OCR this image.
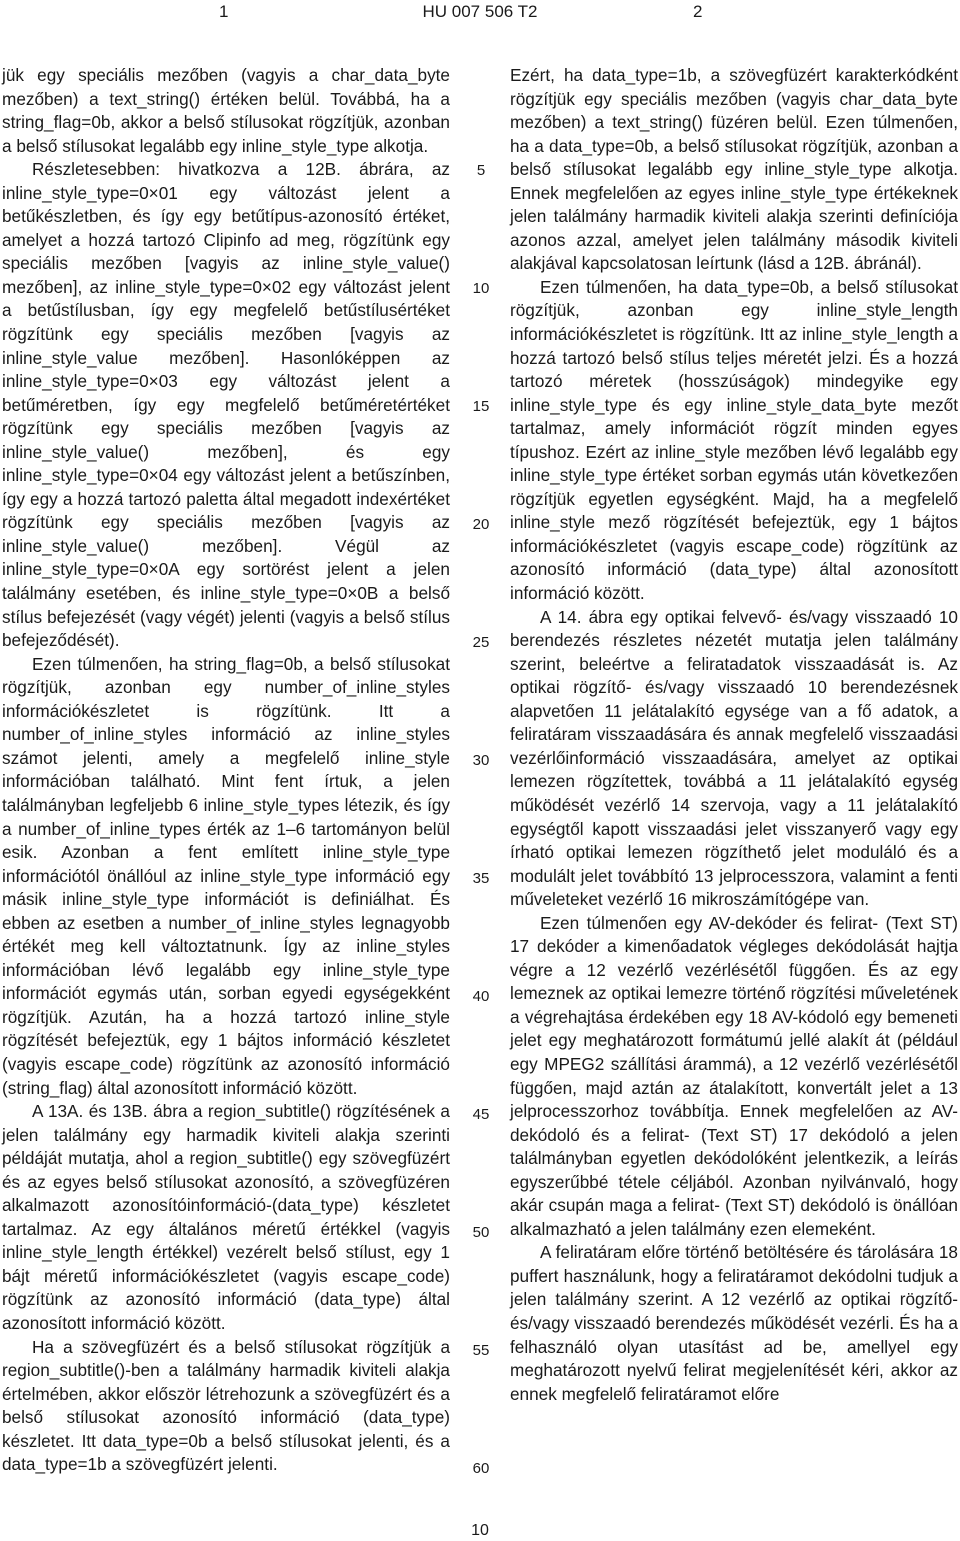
1	HU 007 506 T2	2

jük egy speciális mezőben (vagyis a char_data_byte mezőben) a text_string() értéken belül. Továbbá, ha a string_flag=0b, akkor a belső stílusokat rögzítjük, azonban a belső stílusokat legalább egy inline_style_type alkotja.

Részletesebben: hivatkozva a 12B. ábrára, az inline_style_type=0×01 egy változást jelent a betűkészletben, és így egy betűtípus-azonosító értéket, amelyet a hozzá tartozó Clipinfo ad meg, rögzítünk egy speciális mezőben [vagyis az inline_style_value() mezőben], az inline_style_type=0×02 egy változást jelent a betűstílusban, így egy megfelelő betűstílusértéket rögzítünk egy speciális mezőben [vagyis az inline_style_value mezőben]. Hasonlóképpen az inline_style_type=0×03 egy változást jelent a betűméretben, így egy megfelelő betűméretértéket rögzítünk egy speciális mezőben [vagyis az inline_style_value() mezőben], és egy inline_style_type=0×04 egy változást jelent a betűszínben, így egy a hozzá tartozó paletta által megadott indexértéket rögzítünk egy speciális mezőben [vagyis az inline_style_value() mezőben]. Végül az inline_style_type=0×0A egy sortörést jelent a jelen találmány esetében, és inline_style_type=0×0B a belső stílus befejezését (vagy végét) jelenti (vagyis a belső stílus befejeződését).

Ezen túlmenően, ha string_flag=0b, a belső stílusokat rögzítjük, azonban egy number_of_inline_styles információkészletet is rögzítünk. Itt a number_of_inline_styles információ az inline_styles számot jelenti, amely a megfelelő inline_style információban található. Mint fent írtuk, a jelen találmányban legfeljebb 6 inline_style_types létezik, és így a number_of_inline_types érték az 1–6 tartományon belül esik. Azonban a fent említett inline_style_type információtól önállóul az inline_style_type információ egy másik inline_style_type információt is definiálhat. És ebben az esetben a number_of_inline_styles legnagyobb értékét meg kell változtatnunk. Így az inline_styles információban lévő legalább egy inline_style_type információt egymás után, sorban egyedi egységekként rögzítjük. Azután, ha a hozzá tartozó inline_style rögzítését befejeztük, egy 1 bájtos információ készletet (vagyis escape_code) rögzítünk az azonosító információ (string_flag) által azonosított információ között.

A 13A. és 13B. ábra a region_subtitle() rögzítésének a jelen találmány egy harmadik kiviteli alakja szerinti példáját mutatja, ahol a region_subtitle() egy szövegfüzért és az egyes belső stílusokat azonosító, a szövegfüzéren alkalmazott azonosítóinformáció-(data_type) készletet tartalmaz. Az egy általános méretű értékkel (vagyis inline_style_length értékkel) vezérelt belső stílust, egy 1 bájt méretű információkészletet (vagyis escape_code) rögzítünk az azonosító információ (data_type) által azonosított információ között.

Ha a szövegfüzért és a belső stílusokat rögzítjük a region_subtitle()-ben a találmány harmadik kiviteli alakja értelmében, akkor először létrehozunk a szövegfüzért és a belső stílusokat azonosító információ (data_type) készletet. Itt data_type=0b a belső stílusokat jelenti, és a data_type=1b a szövegfüzért jelenti.

5
10
15
20
25
30
35
40
45
50
55
60

Ezért, ha data_type=1b, a szövegfüzért karakterkódként rögzítjük egy speciális mezőben (vagyis char_data_byte mezőben) a text_string() füzéren belül. Ezen túlmenően, ha a data_type=0b, a belső stílusokat rögzítjük, azonban a belső stílusokat legalább egy inline_style_type alkotja. Ennek megfelelően az egyes inline_style_type értékeknek jelen találmány harmadik kiviteli alakja szerinti definíciója azonos azzal, amelyet jelen találmány második kiviteli alakjával kapcsolatosan leírtunk (lásd a 12B. ábránál).

Ezen túlmenően, ha data_type=0b, a belső stílusokat rögzítjük, azonban egy inline_style_length információkészletet is rögzítünk. Itt az inline_style_length a hozzá tartozó belső stílus teljes méretét jelzi. És a hozzá tartozó méretek (hosszúságok) mindegyike egy inline_style_type és egy inline_style_data_byte mezőt tartalmaz, amely információt rögzít minden egyes típushoz. Ezért az inline_style mezőben lévő legalább egy inline_style_type értéket sorban egymás után következően rögzítjük egyetlen egységként. Majd, ha a megfelelő inline_style mező rögzítését befejeztük, egy 1 bájtos információkészletet (vagyis escape_code) rögzítünk az azonosító információ (data_type) által azonosított információ között.

A 14. ábra egy optikai felvevő- és/vagy visszaadó 10 berendezés részletes nézetét mutatja jelen találmány szerint, beleértve a feliratadatok visszaadását is. Az optikai rögzítő- és/vagy visszaadó 10 berendezésnek alapvetően 11 jelátalakító egysége van a fő adatok, a feliratáram visszaadására és annak megfelelő visszaadási vezérlőinformáció visszaadására, amelyet az optikai lemezen rögzítettek, továbbá a 11 jelátalakító egység működését vezérlő 14 szervoja, vagy a 11 jelátalakító egységtől kapott visszaadási jelet visszanyerő vagy egy írható optikai lemezen rögzíthető jelet moduláló és a modulált jelet továbbító 13 jelprocesszora, valamint a fenti műveleteket vezérlő 16 mikroszámítógépe van.

Ezen túlmenően egy AV-dekóder és felirat- (Text ST) 17 dekóder a kimenőadatok végleges dekódolását hajtja végre a 12 vezérlő vezérlésétől függően. És az egy lemeznek az optikai lemezre történő rögzítési műveletének a végrehajtása érdekében egy 18 AV-kódoló egy bemeneti jelet egy meghatározott formátumú jellé alakít át (például egy MPEG2 szállítási árammá), a 12 vezérlő vezérlésétől függően, majd aztán az átalakított, konvertált jelet a 13 jelprocesszorhoz továbbítja. Ennek megfelelően az AV-dekódoló és a felirat- (Text ST) 17 dekódoló a jelen találmányban egyetlen dekódolóként jelentkezik, a leírás egyszerűbbé tétele céljából. Azonban nyilvánvaló, hogy akár csupán maga a felirat- (Text ST) dekódoló is önállóan alkalmazható a jelen találmány ezen elemeként.

A feliratáram előre történő betöltésére és tárolására 18 puffert használunk, hogy a feliratáramot dekódolni tudjuk a jelen találmány szerint. A 12 vezérlő az optikai rögzítő- és/vagy visszaadó berendezés működését vezérli. És ha a felhasználó olyan utasítást ad be, amellyel egy meghatározott nyelvű felirat megjelenítését kéri, akkor az ennek megfelelő feliratáramot előre

10
